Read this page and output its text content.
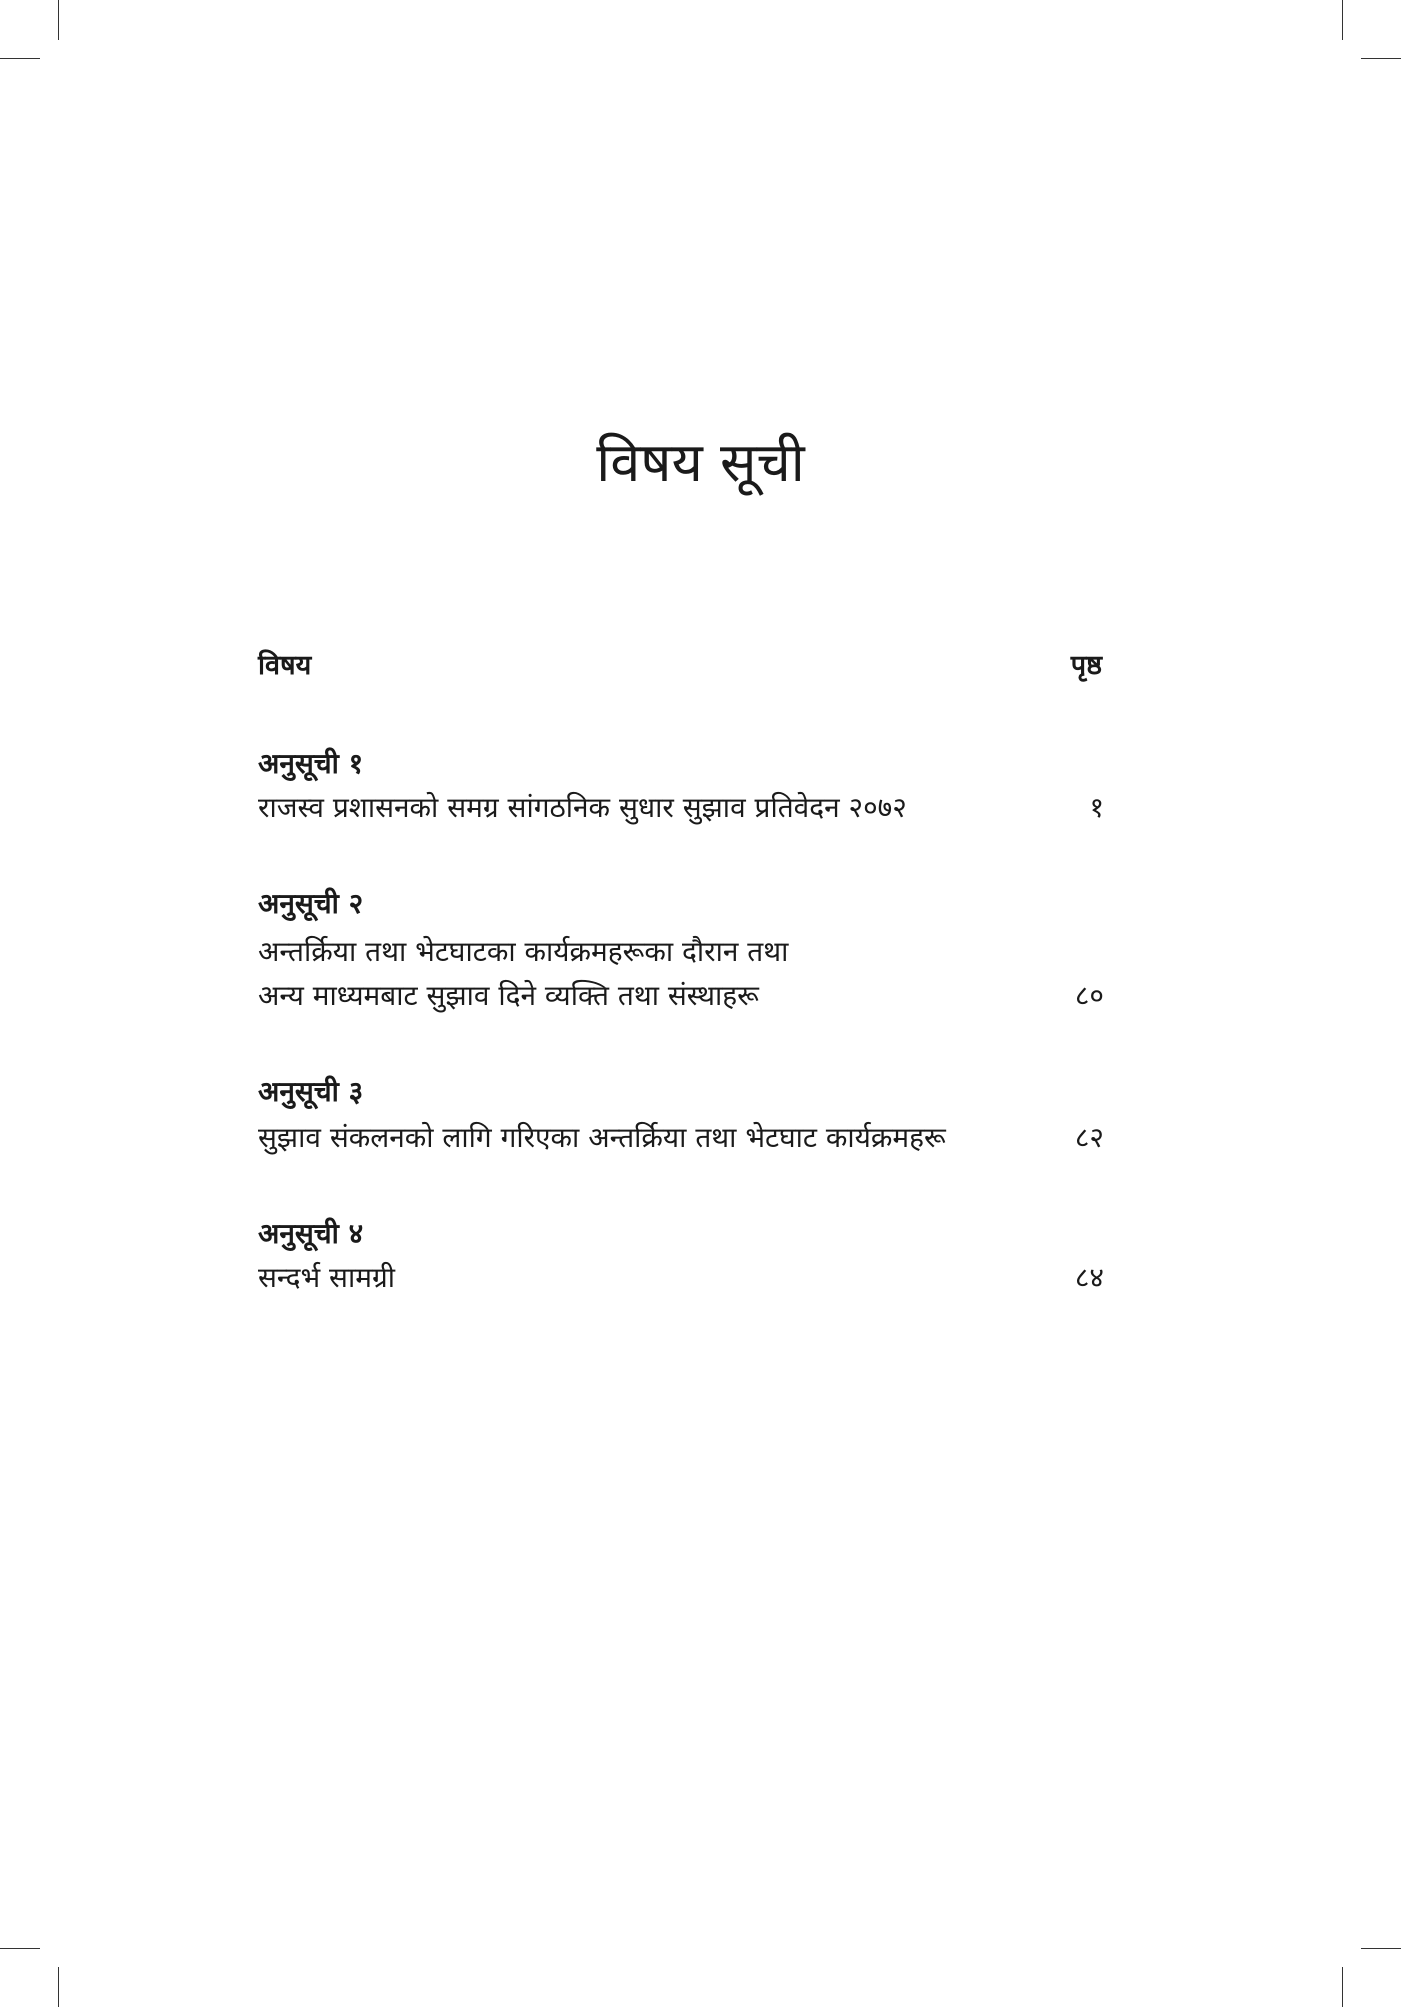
विषय सूची
विषय	पृष्ठ
अनुसूची १
राजस्व प्रशासनको समग्र सांगठनिक सुधार सुझाव प्रतिवेदन २०७२	१
अनुसूची २
अन्तर्क्रिया तथा भेटघाटका कार्यक्रमहरूका दौरान तथा
अन्य माध्यमबाट सुझाव दिने व्यक्ति तथा संस्थाहरू	८०
अनुसूची ३
सुझाव संकलनको लागि गरिएका अन्तर्क्रिया तथा भेटघाट कार्यक्रमहरू	८२
अनुसूची ४
सन्दर्भ सामग्री	८४
